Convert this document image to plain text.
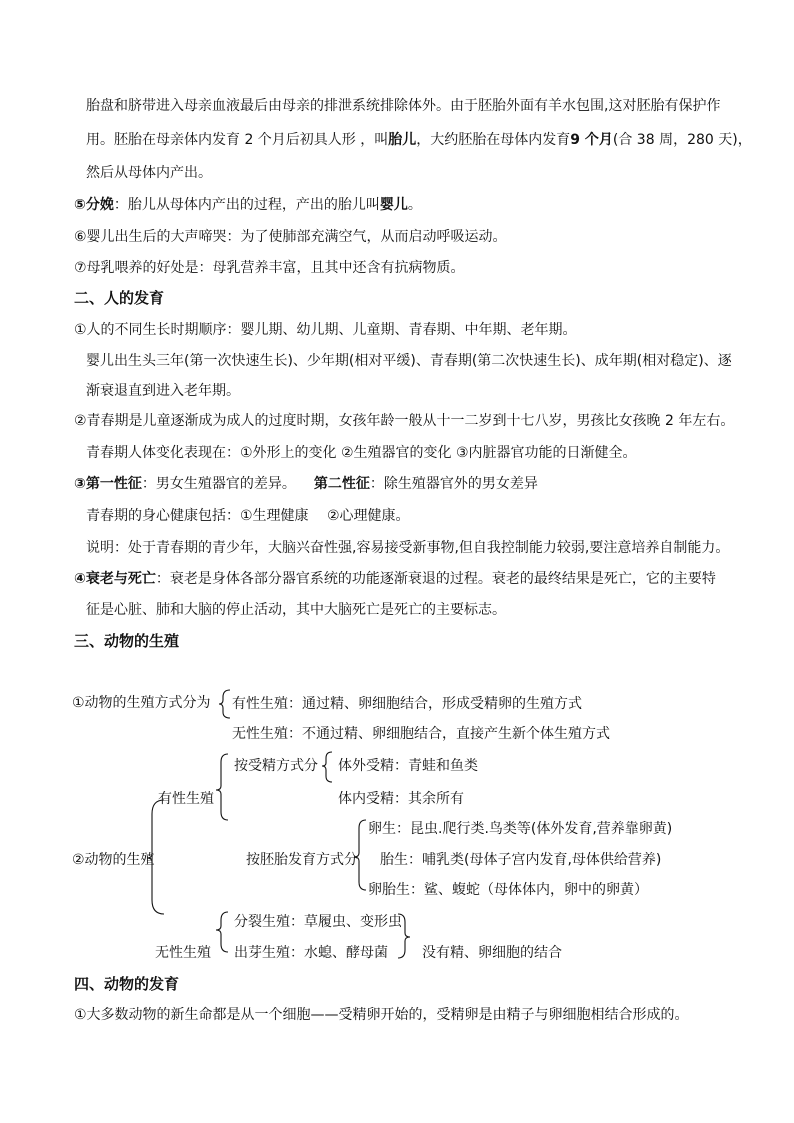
胎盘和脐带进入母亲血液最后由母亲的排泄系统排除体外。由于胚胎外面有羊水包围,这对胚胎有保护作
用。胚胎在母亲体内发育 2 个月后初具人形 ，叫胎儿，大约胚胎在母体内发育9 个月(合 38 周，280 天)，
然后从母体内产出。
⑤分娩：胎儿从母体内产出的过程，产出的胎儿叫婴儿。
⑥婴儿出生后的大声啼哭：为了使肺部充满空气，从而启动呼吸运动。
⑦母乳喂养的好处是：母乳营养丰富，且其中还含有抗病物质。
二、人的发育
①人的不同生长时期顺序：婴儿期、幼儿期、儿童期、青春期、中年期、老年期。
婴儿出生头三年(第一次快速生长)、少年期(相对平缓)、青春期(第二次快速生长)、成年期(相对稳定)、逐
渐衰退直到进入老年期。
②青春期是儿童逐渐成为成人的过度时期，女孩年龄一般从十一二岁到十七八岁，男孩比女孩晚 2 年左右。
青春期人体变化表现在：①外形上的变化 ②生殖器官的变化 ③内脏器官功能的日渐健全。
③第一性征：男女生殖器官的差异。 第二性征：除生殖器官外的男女差异
青春期的身心健康包括：①生理健康　 ②心理健康。
说明：处于青春期的青少年，大脑兴奋性强,容易接受新事物,但自我控制能力较弱,要注意培养自制能力。
④衰老与死亡：衰老是身体各部分器官系统的功能逐渐衰退的过程。衰老的最终结果是死亡，它的主要特
征是心脏、肺和大脑的停止活动，其中大脑死亡是死亡的主要标志。
三、动物的生殖
①动物的生殖方式分为 有性生殖：通过精、卵细胞结合，形成受精卵的生殖方式
无性生殖：不通过精、卵细胞结合，直接产生新个体生殖方式
有性生殖
按受精方式分 体外受精：青蛙和鱼类
体内受精：其余所有
②动物的生殖	按胚胎发育方式分
卵生：昆虫.爬行类.鸟类等(体外发育,营养靠卵黄)
胎生：哺乳类(母体子宫内发育,母体供给营养)
卵胎生：鲨、蝮蛇（母体体内，卵中的卵黄）
分裂生殖：草履虫、变形虫
无性生殖 出芽生殖：水螅、酵母菌 没有精、卵细胞的结合
四、动物的发育
①大多数动物的新生命都是从一个细胞——受精卵开始的，受精卵是由精子与卵细胞相结合形成的。
